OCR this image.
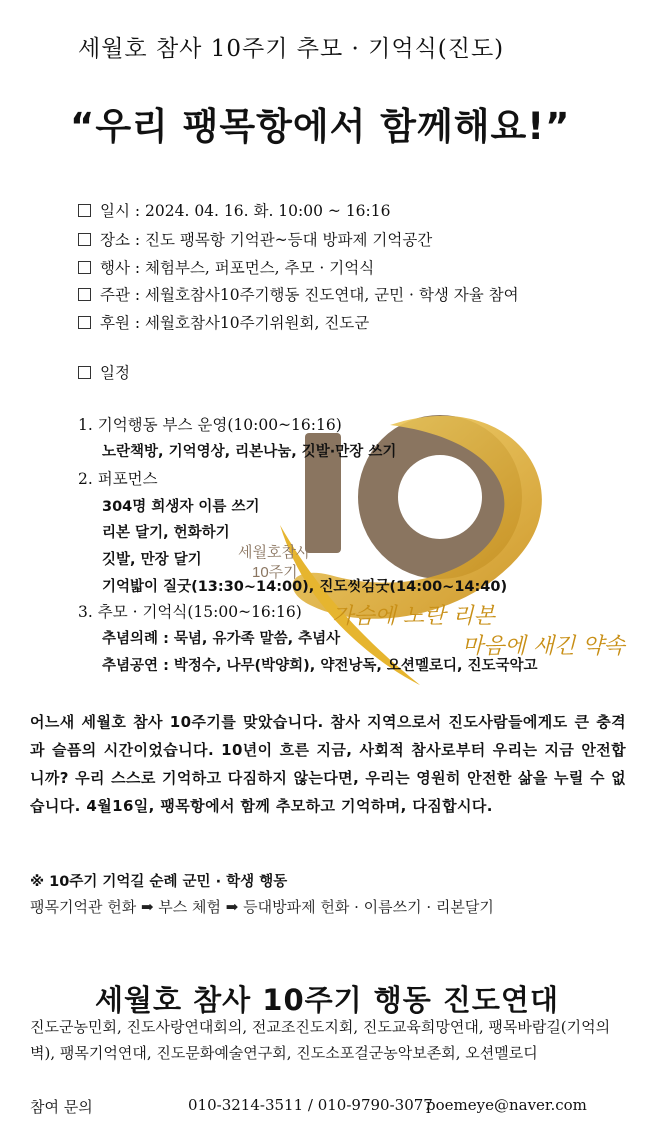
세월호 참사 10주기 추모 · 기억식(진도)
“우리 팽목항에서 함께해요!”
일시 : 2024. 04. 16. 화. 10:00 ~ 16:16
장소 : 진도 팽목항 기억관~등대 방파제 기억공간
행사 : 체험부스, 퍼포먼스, 추모 · 기억식
주관 : 세월호참사10주기행동 진도연대, 군민 · 학생 자율 참여
후원 : 세월호참사10주기위원회, 진도군
일정
세월호참사
10주기
가슴에 노란 리본
마음에 새긴 약속
1. 기억행동 부스 운영(10:00~16:16)
노란책방, 기억영상, 리본나눔, 깃발·만장 쓰기
2. 퍼포먼스
304명 희생자 이름 쓰기
리본 달기, 헌화하기
깃발, 만장 달기
기억밟이 질굿(13:30~14:00), 진도씻김굿(14:00~14:40)
3. 추모 · 기억식(15:00~16:16)
추념의례 : 묵념, 유가족 말씀, 추념사
추념공연 : 박정수, 나무(박양희), 약전낭독, 오션멜로디, 진도국악고
어느새 세월호 참사 10주기를 맞았습니다. 참사 지역으로서 진도사람들에게도 큰 충격과 슬픔의 시간이었습니다. 10년이 흐른 지금, 사회적 참사로부터 우리는 지금 안전합니까? 우리 스스로 기억하고 다짐하지 않는다면, 우리는 영원히 안전한 삶을 누릴 수 없습니다. 4월16일, 팽목항에서 함께 추모하고 기억하며, 다짐합시다.
※ 10주기 기억길 순례 군민 · 학생 행동
팽목기억관 헌화 ➡ 부스 체험 ➡ 등대방파제 헌화 · 이름쓰기 · 리본달기
세월호 참사 10주기 행동 진도연대
진도군농민회, 진도사랑연대회의, 전교조진도지회, 진도교육희망연대, 팽목바람길(기억의벽), 팽목기억연대, 진도문화예술연구회, 진도소포걸군농악보존회, 오션멜로디
참여 문의	010-3214-3511 / 010-9790-3077
poemeye@naver.com
